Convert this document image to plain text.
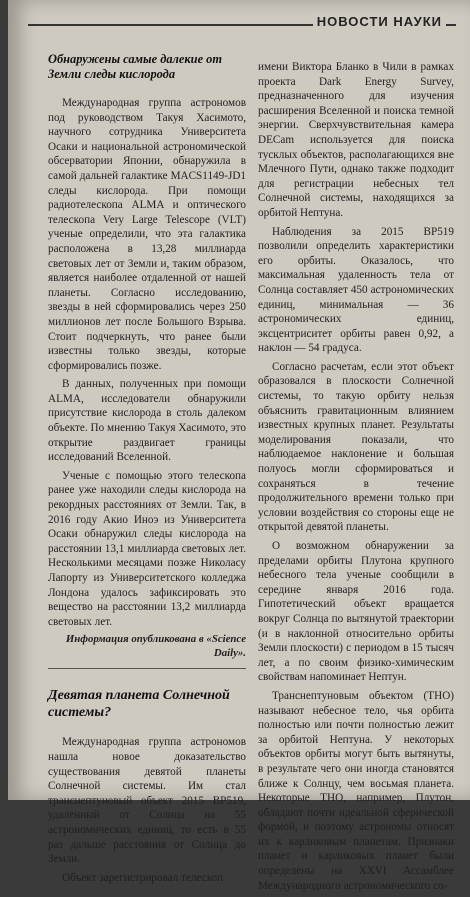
НОВОСТИ НАУКИ
Обнаружены самые далекие от Земли следы кислорода

Международная группа астрономов под руководством Такуя Хасимото, научного сотрудника Университета Осаки и национальной астрономической обсерватории Японии, обнаружила в самой дальней галактике MACS1149-JD1 следы кислорода. При помощи радиотелескопа ALMA и оптического телескопа Very Large Telescope (VLT) ученые определили, что эта галактика расположена в 13,28 миллиарда световых лет от Земли и, таким образом, является наиболее отдаленной от нашей планеты. Согласно исследованию, звезды в ней сформировались через 250 миллионов лет после Большого Взрыва. Стоит подчеркнуть, что ранее были известны только звезды, которые сформировались позже.

В данных, полученных при помощи ALMA, исследователи обнаружили присутствие кислорода в столь далеком объекте. По мнению Такуя Хасимото, это открытие раздвигает границы исследований Вселенной.

Ученые с помощью этого телескопа ранее уже находили следы кислорода на рекордных расстояниях от Земли. Так, в 2016 году Акио Иноэ из Университета Осаки обнаружил следы кислорода на расстоянии 13,1 миллиарда световых лет. Несколькими месяцами позже Николасу Лапорту из Университетского колледжа Лондона удалось зафиксировать это вещество на расстоянии 13,2 миллиарда световых лет.

Информация опубликована в «Science Daily».
Девятая планета Солнечной системы?

Международная группа астрономов нашла новое доказательство существования девятой планеты Солнечной системы. Им стал транснептуновый объект 2015 BP519, удаленный от Солнца на 55 астрономических единиц, то есть в 55 раз дальше расстояния от Солнца до Земли.

Объект зарегистрировал телескоп

имени Виктора Бланко в Чили в рамках проекта Dark Energy Survey, предназначенного для изучения расширения Вселенной и поиска темной энергии. Сверхчувствительная камера DECam используется для поиска тусклых объектов, располагающихся вне Млечного Пути, однако также подходит для регистрации небесных тел Солнечной системы, находящихся за орбитой Нептуна.

Наблюдения за 2015 BP519 позволили определить характеристики его орбиты. Оказалось, что максимальная удаленность тела от Солнца составляет 450 астрономических единиц, минимальная — 36 астрономических единиц, эксцентриситет орбиты равен 0,92, а наклон — 54 градуса.

Согласно расчетам, если этот объект образовался в плоскости Солнечной системы, то такую орбиту нельзя объяснить гравитационным влиянием известных крупных планет. Результаты моделирования показали, что наблюдаемое наклонение и большая полуось могли сформироваться и сохраняться в течение продолжительного времени только при условии воздействия со стороны еще не открытой девятой планеты.

О возможном обнаружении за пределами орбиты Плутона крупного небесного тела ученые сообщили в середине января 2016 года. Гипотетический объект вращается вокруг Солнца по вытянутой траектории (и в наклонной относительно орбиты Земли плоскости) с периодом в 15 тысяч лет, а по своим физико-химическим свойствам напоминает Нептун.

Транснептуновым объектом (ТНО) называют небесное тело, чья орбита полностью или почти полностью лежит за орбитой Нептуна. У некоторых объектов орбиты могут быть вытянуты, в результате чего они иногда становятся ближе к Солнцу, чем восьмая планета. Некоторые ТНО, например, Плутон, обладают почти идеальной сферической формой, и поэтому астрономы относят их к карликовым планетам. Признаки планет и карликовых планет были определены на XXVI Ассамблее Международного астрономического со-
